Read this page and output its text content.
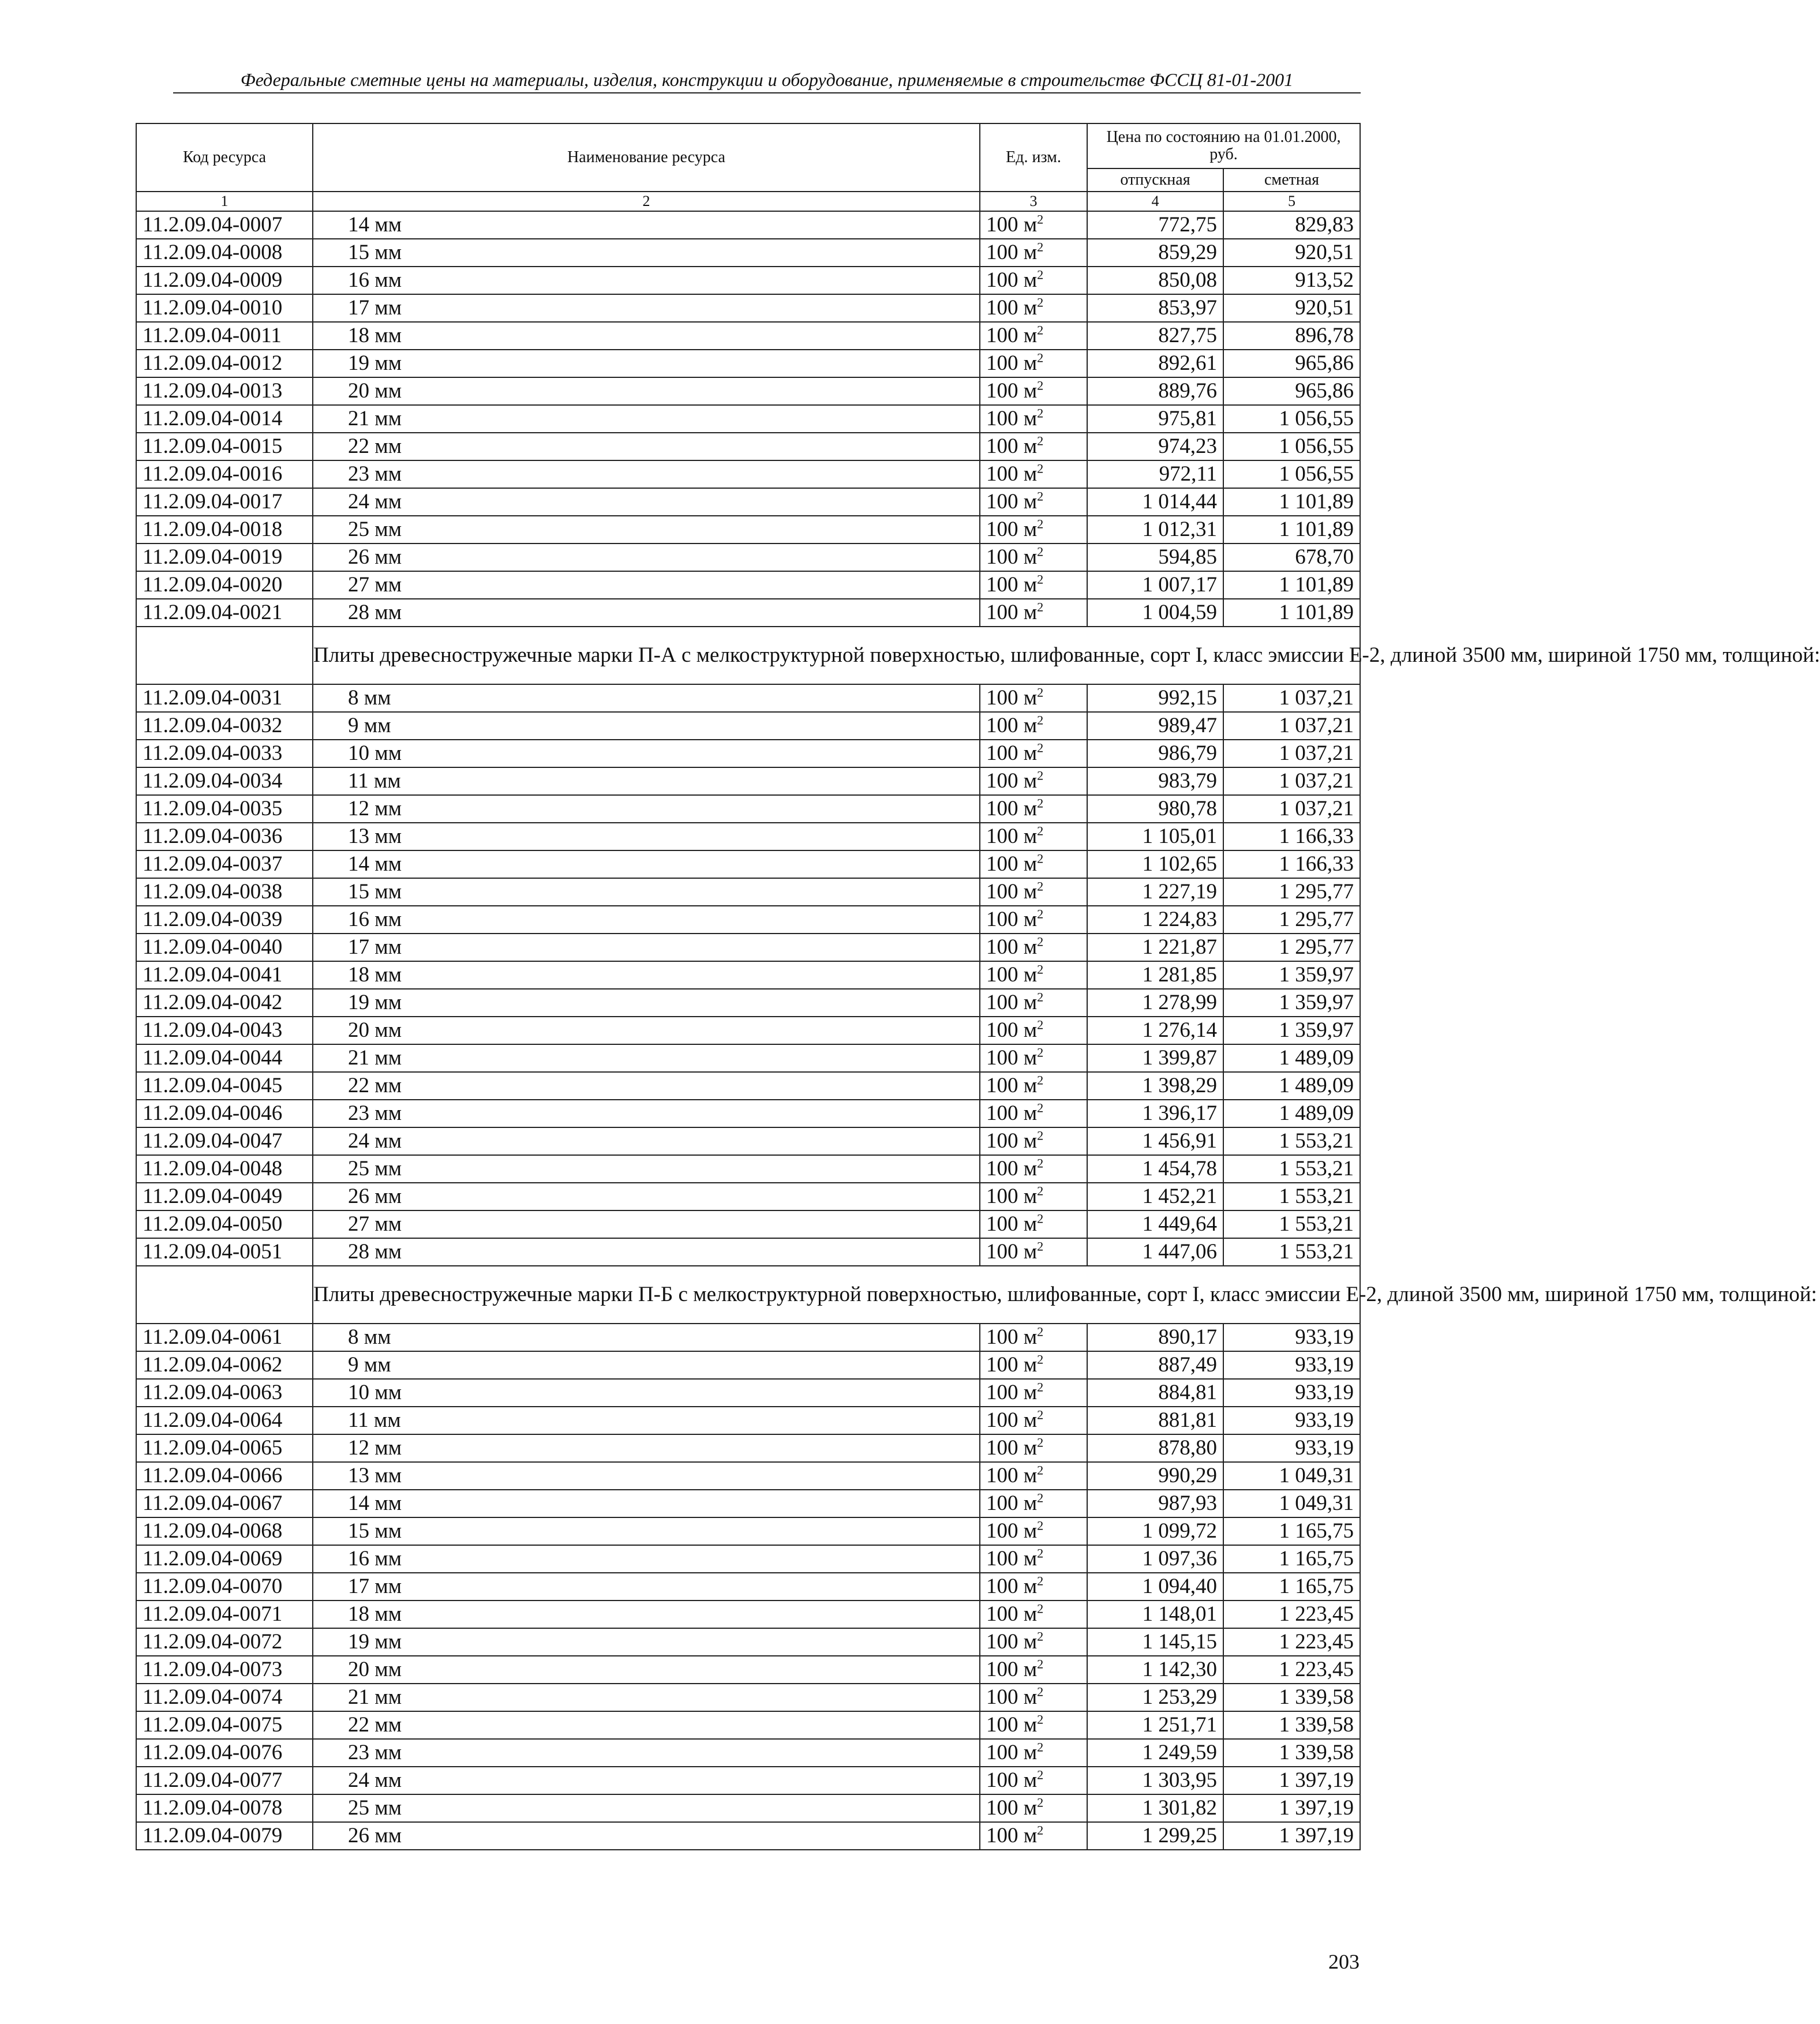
Федеральные сметные цены на материалы, изделия, конструкции и оборудование, применяемые в строительстве ФССЦ 81-01-2001
Код ресурса	Наименование ресурса	Ед. изм.	Цена по состоянию на 01.01.2000, руб.	
			отпускная	сметная
1	2	3	4	5
11.2.09.04-0007	14 мм	100 $м^2$	772,75	829,83
11.2.09.04-0008	15 мм	100 $м^2$	859,29	920,51
11.2.09.04-0009	16 мм	100 $м^2$	850,08	913,52
11.2.09.04-0010	17 мм	100 $м^2$	853,97	920,51
11.2.09.04-0011	18 мм	100 $м^2$	827,75	896,78
11.2.09.04-0012	19 мм	100 $м^2$	892,61	965,86
11.2.09.04-0013	20 мм	100 $м^2$	889,76	965,86
11.2.09.04-0014	21 мм	100 $м^2$	975,81	1 056,55
11.2.09.04-0015	22 мм	100 $м^2$	974,23	1 056,55
11.2.09.04-0016	23 мм	100 $м^2$	972,11	1 056,55
11.2.09.04-0017	24 мм	100 $м^2$	1 014,44	1 101,89
11.2.09.04-0018	25 мм	100 $м^2$	1 012,31	1 101,89
11.2.09.04-0019	26 мм	100 $м^2$	594,85	678,70
11.2.09.04-0020	27 мм	100 $м^2$	1 007,17	1 101,89
11.2.09.04-0021	28 мм	100 $м^2$	1 004,59	1 101,89
	Плиты древесностружечные марки П-А с мелкоструктурной поверхностью, шлифованные, сорт I, класс эмиссии Е-2, длиной 3500 мм, шириной 1750 мм, толщиной:			
11.2.09.04-0031	8 мм	100 $м^2$	992,15	1 037,21
11.2.09.04-0032	9 мм	100 $м^2$	989,47	1 037,21
11.2.09.04-0033	10 мм	100 $м^2$	986,79	1 037,21
11.2.09.04-0034	11 мм	100 $м^2$	983,79	1 037,21
11.2.09.04-0035	12 мм	100 $м^2$	980,78	1 037,21
11.2.09.04-0036	13 мм	100 $м^2$	1 105,01	1 166,33
11.2.09.04-0037	14 мм	100 $м^2$	1 102,65	1 166,33
11.2.09.04-0038	15 мм	100 $м^2$	1 227,19	1 295,77
11.2.09.04-0039	16 мм	100 $м^2$	1 224,83	1 295,77
11.2.09.04-0040	17 мм	100 $м^2$	1 221,87	1 295,77
11.2.09.04-0041	18 мм	100 $м^2$	1 281,85	1 359,97
11.2.09.04-0042	19 мм	100 $м^2$	1 278,99	1 359,97
11.2.09.04-0043	20 мм	100 $м^2$	1 276,14	1 359,97
11.2.09.04-0044	21 мм	100 $м^2$	1 399,87	1 489,09
11.2.09.04-0045	22 мм	100 $м^2$	1 398,29	1 489,09
11.2.09.04-0046	23 мм	100 $м^2$	1 396,17	1 489,09
11.2.09.04-0047	24 мм	100 $м^2$	1 456,91	1 553,21
11.2.09.04-0048	25 мм	100 $м^2$	1 454,78	1 553,21
11.2.09.04-0049	26 мм	100 $м^2$	1 452,21	1 553,21
11.2.09.04-0050	27 мм	100 $м^2$	1 449,64	1 553,21
11.2.09.04-0051	28 мм	100 $м^2$	1 447,06	1 553,21
	Плиты древесностружечные марки П-Б с мелкоструктурной поверхностью, шлифованные, сорт I, класс эмиссии Е-2, длиной 3500 мм, шириной 1750 мм, толщиной:			
11.2.09.04-0061	8 мм	100 $м^2$	890,17	933,19
11.2.09.04-0062	9 мм	100 $м^2$	887,49	933,19
11.2.09.04-0063	10 мм	100 $м^2$	884,81	933,19
11.2.09.04-0064	11 мм	100 $м^2$	881,81	933,19
11.2.09.04-0065	12 мм	100 $м^2$	878,80	933,19
11.2.09.04-0066	13 мм	100 $м^2$	990,29	1 049,31
11.2.09.04-0067	14 мм	100 $м^2$	987,93	1 049,31
11.2.09.04-0068	15 мм	100 $м^2$	1 099,72	1 165,75
11.2.09.04-0069	16 мм	100 $м^2$	1 097,36	1 165,75
11.2.09.04-0070	17 мм	100 $м^2$	1 094,40	1 165,75
11.2.09.04-0071	18 мм	100 $м^2$	1 148,01	1 223,45
11.2.09.04-0072	19 мм	100 $м^2$	1 145,15	1 223,45
11.2.09.04-0073	20 мм	100 $м^2$	1 142,30	1 223,45
11.2.09.04-0074	21 мм	100 $м^2$	1 253,29	1 339,58
11.2.09.04-0075	22 мм	100 $м^2$	1 251,71	1 339,58
11.2.09.04-0076	23 мм	100 $м^2$	1 249,59	1 339,58
11.2.09.04-0077	24 мм	100 $м^2$	1 303,95	1 397,19
11.2.09.04-0078	25 мм	100 $м^2$	1 301,82	1 397,19
11.2.09.04-0079	26 мм	100 $м^2$	1 299,25	1 397,19
203
